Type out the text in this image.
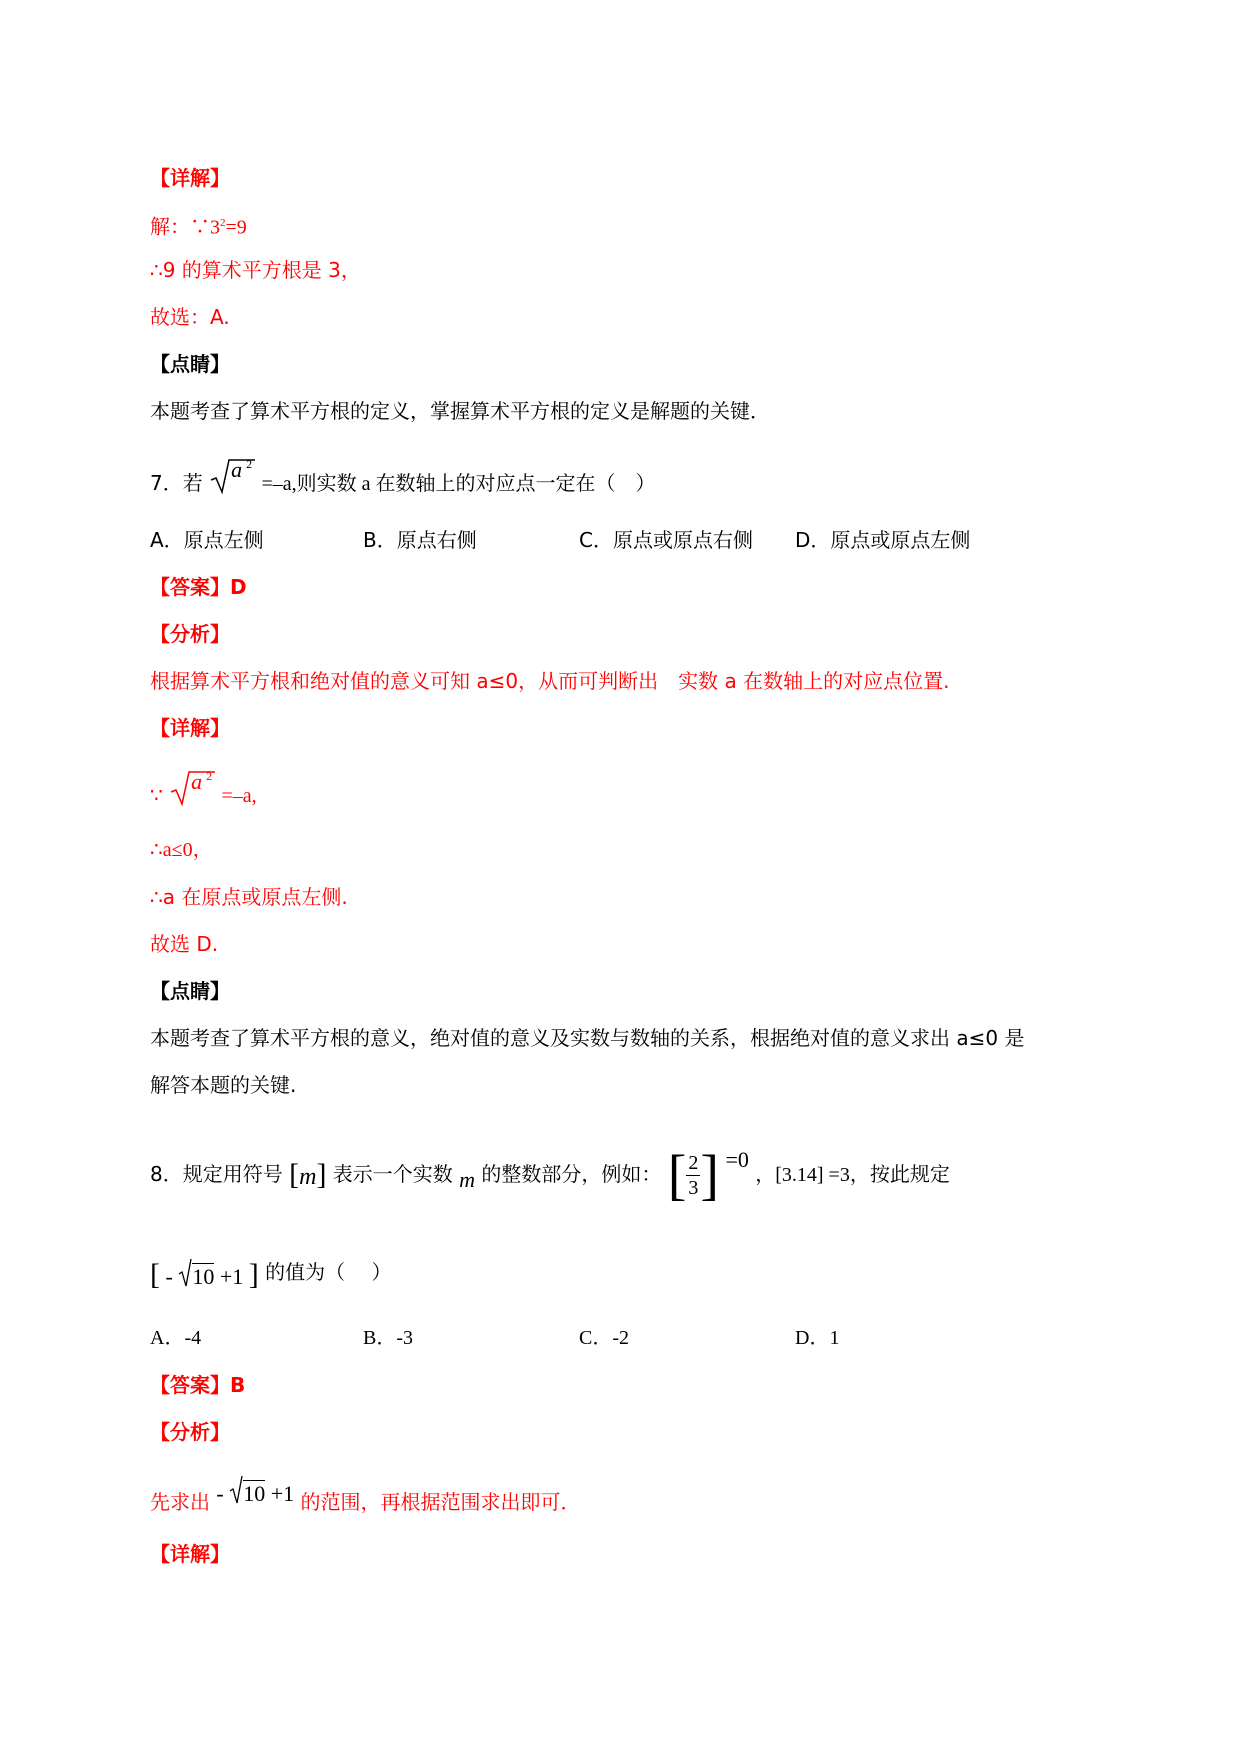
【详解】
解：$\because 3^2=9$
∴9 的算术平方根是 3，
故选：A.
【点睛】
本题考查了算术平方根的定义，掌握算术平方根的定义是解题的关键．
7．若
a 2
=–a,则实数 a 在数轴上的对应点一定在（　）
A．原点左侧	B．原点右侧	C．原点或原点右侧 D．原点或原点左侧
【答案】D
【分析】
根据算术平方根和绝对值的意义可知 a≤0，从而可判断出　实数 a 在数轴上的对应点位置.
【详解】
∵
a 2
=–a,
∴a≤0，
∴a 在原点或原点左侧.
故选 D.
【点睛】
本题考查了算术平方根的意义，绝对值的意义及实数与数轴的关系，根据绝对值的意义求出 a≤0 是
解答本题的关键.
8．规定用符号 [m] 表示一个实数 m 的整数部分，例如： [ $\frac{2}{3}$ ] =0 ，[3.14] =3，按此规定
[ - 10 +1 ] 的值为（　 ）
A．‐4	B．‐3	C．‐2	D．1
【答案】B
【分析】
先求出 - 10 +1 的范围，再根据范围求出即可．
【详解】
